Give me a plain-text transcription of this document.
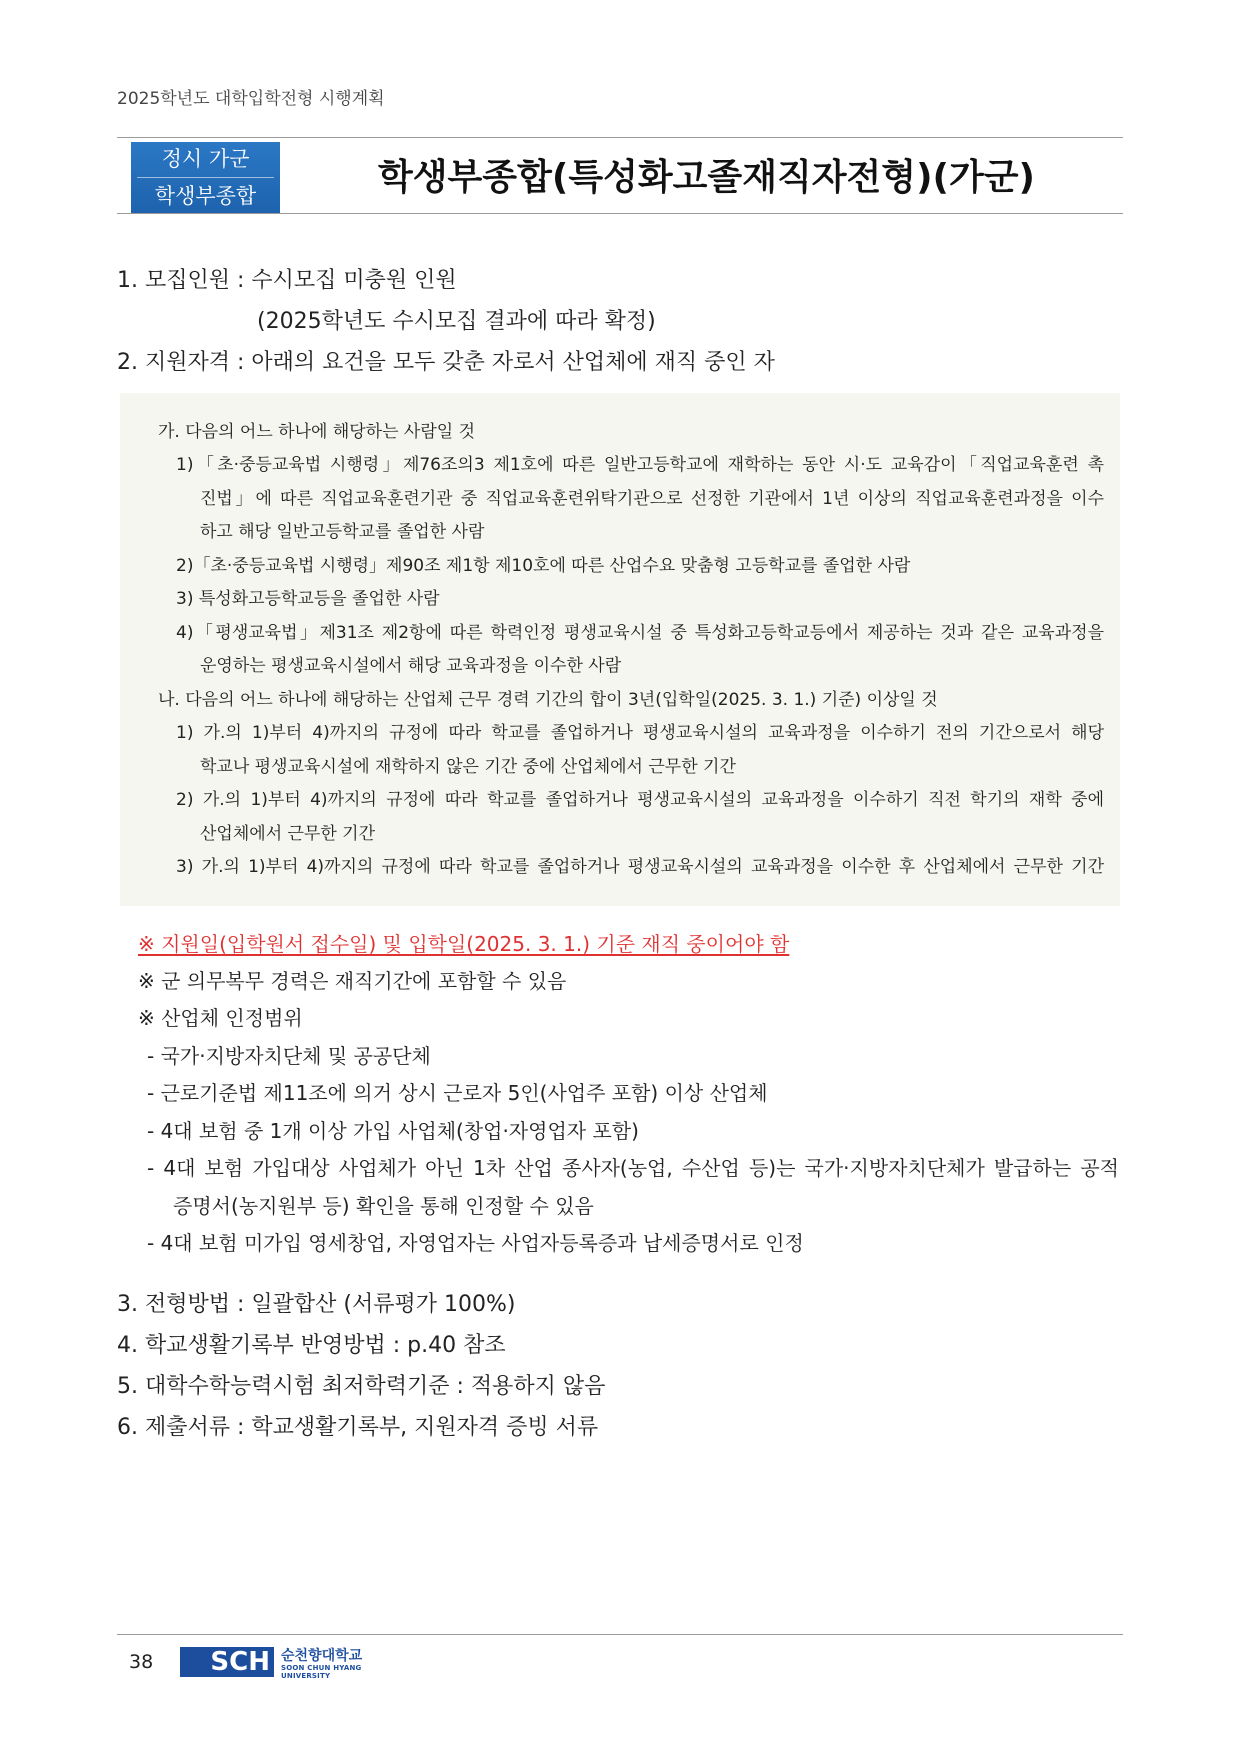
2025학년도 대학입학전형 시행계획
정시 가군
학생부종합	학생부종합(특성화고졸재직자전형)(가군)
1. 모집인원 : 수시모집 미충원 인원
(2025학년도 수시모집 결과에 따라 확정)
2. 지원자격 : 아래의 요건을 모두 갖춘 자로서 산업체에 재직 중인 자
가. 다음의 어느 하나에 해당하는 사람일 것
1)「초·중등교육법 시행령」제76조의3 제1호에 따른 일반고등학교에 재학하는 동안 시·도 교육감이「직업교육훈련 촉
진법」에 따른 직업교육훈련기관 중 직업교육훈련위탁기관으로 선정한 기관에서 1년 이상의 직업교육훈련과정을 이수
하고 해당 일반고등학교를 졸업한 사람
2)「초·중등교육법 시행령」제90조 제1항 제10호에 따른 산업수요 맞춤형 고등학교를 졸업한 사람
3) 특성화고등학교등을 졸업한 사람
4)「평생교육법」제31조 제2항에 따른 학력인정 평생교육시설 중 특성화고등학교등에서 제공하는 것과 같은 교육과정을
운영하는 평생교육시설에서 해당 교육과정을 이수한 사람
나. 다음의 어느 하나에 해당하는 산업체 근무 경력 기간의 합이 3년(입학일(2025. 3. 1.) 기준) 이상일 것
1) 가.의 1)부터 4)까지의 규정에 따라 학교를 졸업하거나 평생교육시설의 교육과정을 이수하기 전의 기간으로서 해당
학교나 평생교육시설에 재학하지 않은 기간 중에 산업체에서 근무한 기간
2) 가.의 1)부터 4)까지의 규정에 따라 학교를 졸업하거나 평생교육시설의 교육과정을 이수하기 직전 학기의 재학 중에
산업체에서 근무한 기간
3) 가.의 1)부터 4)까지의 규정에 따라 학교를 졸업하거나 평생교육시설의 교육과정을 이수한 후 산업체에서 근무한 기간
※ 지원일(입학원서 접수일) 및 입학일(2025. 3. 1.) 기준 재직 중이어야 함
※ 군 의무복무 경력은 재직기간에 포함할 수 있음
※ 산업체 인정범위
- 국가·지방자치단체 및 공공단체
- 근로기준법 제11조에 의거 상시 근로자 5인(사업주 포함) 이상 산업체
- 4대 보험 중 1개 이상 가입 사업체(창업·자영업자 포함)
- 4대 보험 가입대상 사업체가 아닌 1차 산업 종사자(농업, 수산업 등)는 국가·지방자치단체가 발급하는 공적
증명서(농지원부 등) 확인을 통해 인정할 수 있음
- 4대 보험 미가입 영세창업, 자영업자는 사업자등록증과 납세증명서로 인정
3. 전형방법 : 일괄합산 (서류평가 100%)
4. 학교생활기록부 반영방법 : p.40 참조
5. 대학수학능력시험 최저학력기준 : 적용하지 않음
6. 제출서류 : 학교생활기록부, 지원자격 증빙 서류
38	SCH 순천향대학교
SOON CHUN HYANG
UNIVERSITY
